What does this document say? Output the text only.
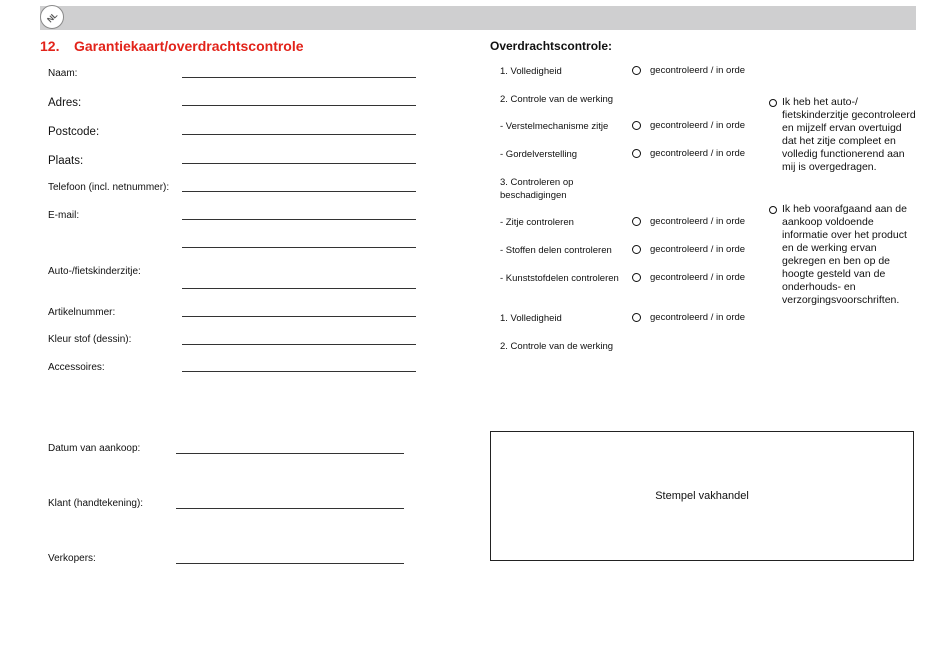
NL
12. Garantiekaart/overdrachtscontrole
Naam:
Adres:
Postcode:
Plaats:
Telefoon (incl. netnummer):
E-mail:
Auto-/fietskinderzitje:
Artikelnummer:
Kleur stof (dessin):
Accessoires:
Datum van aankoop:
Klant (handtekening):
Verkopers:
Overdrachtscontrole:
1. Volledigheid	gecontroleerd / in orde
2. Controle van de werking
- Verstelmechanisme zitje	gecontroleerd / in orde
- Gordelverstelling	gecontroleerd / in orde
3. Controleren op beschadigingen
- Zitje controleren	gecontroleerd / in orde
- Stoffen delen controleren	gecontroleerd / in orde
- Kunststofdelen controleren	gecontroleerd / in orde
1. Volledigheid	gecontroleerd / in orde
2. Controle van de werking
Ik heb het auto-/ fietskinderzitje gecontroleerd en mijzelf ervan overtuigd dat het zitje compleet en volledig functionerend aan mij is overgedragen.
Ik heb voorafgaand aan de aankoop voldoende informatie over het product en de werking ervan gekregen en ben op de hoogte gesteld van de onderhouds- en verzorgingsvoorschriften.
Stempel vakhandel
